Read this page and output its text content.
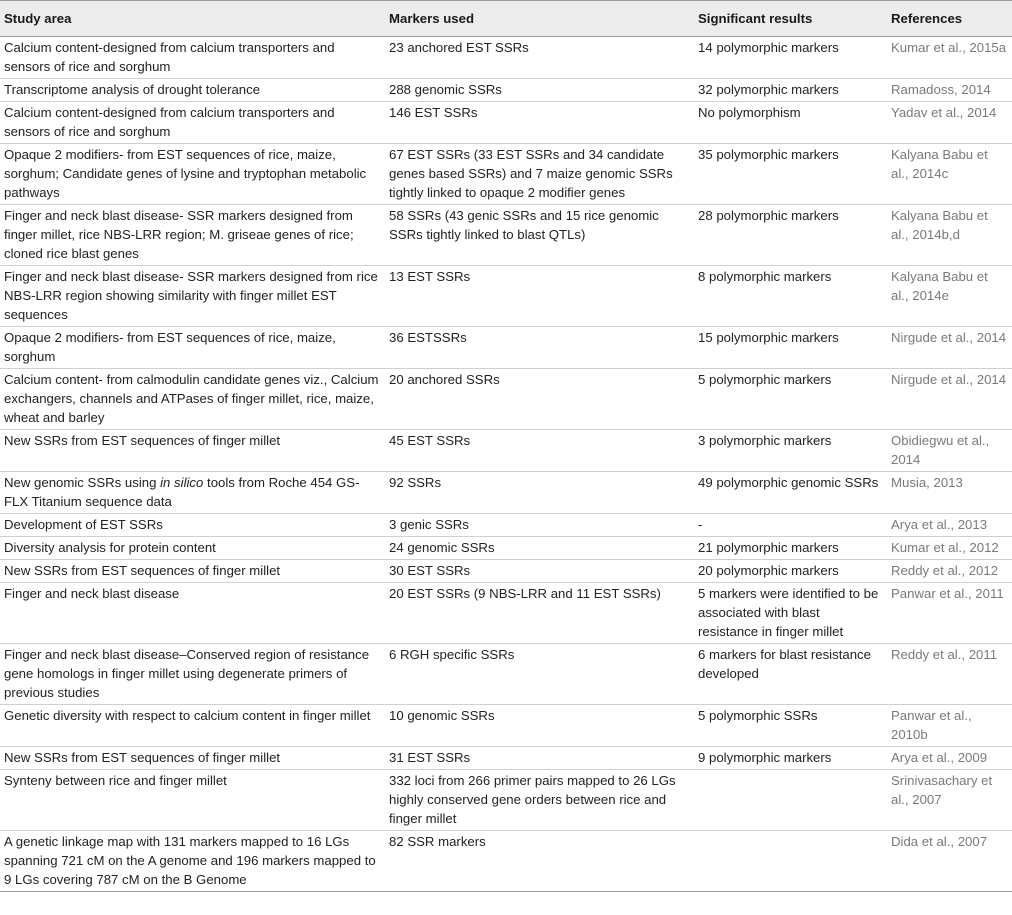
Study area	Markers used	Significant results	References
Calcium content-designed from calcium transporters and sensors of rice and sorghum	23 anchored EST SSRs	14 polymorphic markers	Kumar et al., 2015a
Transcriptome analysis of drought tolerance	288 genomic SSRs	32 polymorphic markers	Ramadoss, 2014
Calcium content-designed from calcium transporters and sensors of rice and sorghum	146 EST SSRs	No polymorphism	Yadav et al., 2014
Opaque 2 modifiers- from EST sequences of rice, maize, sorghum; Candidate genes of lysine and tryptophan metabolic pathways	67 EST SSRs (33 EST SSRs and 34 candidate genes based SSRs) and 7 maize genomic SSRs tightly linked to opaque 2 modifier genes	35 polymorphic markers	Kalyana Babu et al., 2014c
Finger and neck blast disease- SSR markers designed from finger millet, rice NBS-LRR region; M. griseae genes of rice; cloned rice blast genes	58 SSRs (43 genic SSRs and 15 rice genomic SSRs tightly linked to blast QTLs)	28 polymorphic markers	Kalyana Babu et al., 2014b,d
Finger and neck blast disease- SSR markers designed from rice NBS-LRR region showing similarity with finger millet EST sequences	13 EST SSRs	8 polymorphic markers	Kalyana Babu et al., 2014e
Opaque 2 modifiers- from EST sequences of rice, maize, sorghum	36 ESTSSRs	15 polymorphic markers	Nirgude et al., 2014
Calcium content- from calmodulin candidate genes viz., Calcium exchangers, channels and ATPases of finger millet, rice, maize, wheat and barley	20 anchored SSRs	5 polymorphic markers	Nirgude et al., 2014
New SSRs from EST sequences of finger millet	45 EST SSRs	3 polymorphic markers	Obidiegwu et al., 2014
New genomic SSRs using in silico tools from Roche 454 GS-FLX Titanium sequence data	92 SSRs	49 polymorphic genomic SSRs	Musia, 2013
Development of EST SSRs	3 genic SSRs	-	Arya et al., 2013
Diversity analysis for protein content	24 genomic SSRs	21 polymorphic markers	Kumar et al., 2012
New SSRs from EST sequences of finger millet	30 EST SSRs	20 polymorphic markers	Reddy et al., 2012
Finger and neck blast disease	20 EST SSRs (9 NBS-LRR and 11 EST SSRs)	5 markers were identified to be associated with blast resistance in finger millet	Panwar et al., 2011
Finger and neck blast disease–Conserved region of resistance gene homologs in finger millet using degenerate primers of previous studies	6 RGH specific SSRs	6 markers for blast resistance developed	Reddy et al., 2011
Genetic diversity with respect to calcium content in finger millet	10 genomic SSRs	5 polymorphic SSRs	Panwar et al., 2010b
New SSRs from EST sequences of finger millet	31 EST SSRs	9 polymorphic markers	Arya et al., 2009
Synteny between rice and finger millet	332 loci from 266 primer pairs mapped to 26 LGs highly conserved gene orders between rice and finger millet		Srinivasachary et al., 2007
A genetic linkage map with 131 markers mapped to 16 LGs spanning 721 cM on the A genome and 196 markers mapped to 9 LGs covering 787 cM on the B Genome	82 SSR markers		Dida et al., 2007
